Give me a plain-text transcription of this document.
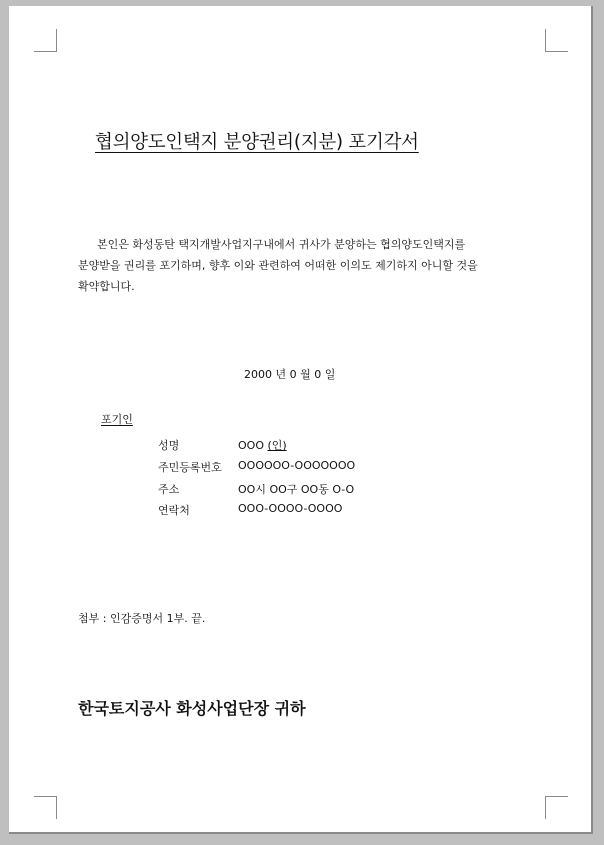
협의양도인택지 분양권리(지분) 포기각서
본인은 화성동탄 택지개발사업지구내에서 귀사가 분양하는 협의양도인택지를
분양받을 권리를 포기하며, 향후 이와 관련하여 어떠한 이의도 제기하지 아니할 것을
확약합니다.
2000 년 0 월 0 일
포기인
성명	OOO (인)
주민등록번호 OOOOOO-OOOOOOO
주소	OO시 OO구 OO동 O-O
연락처	OOO-OOOO-OOOO
첨부 : 인감증명서 1부. 끝.
한국토지공사 화성사업단장 귀하
